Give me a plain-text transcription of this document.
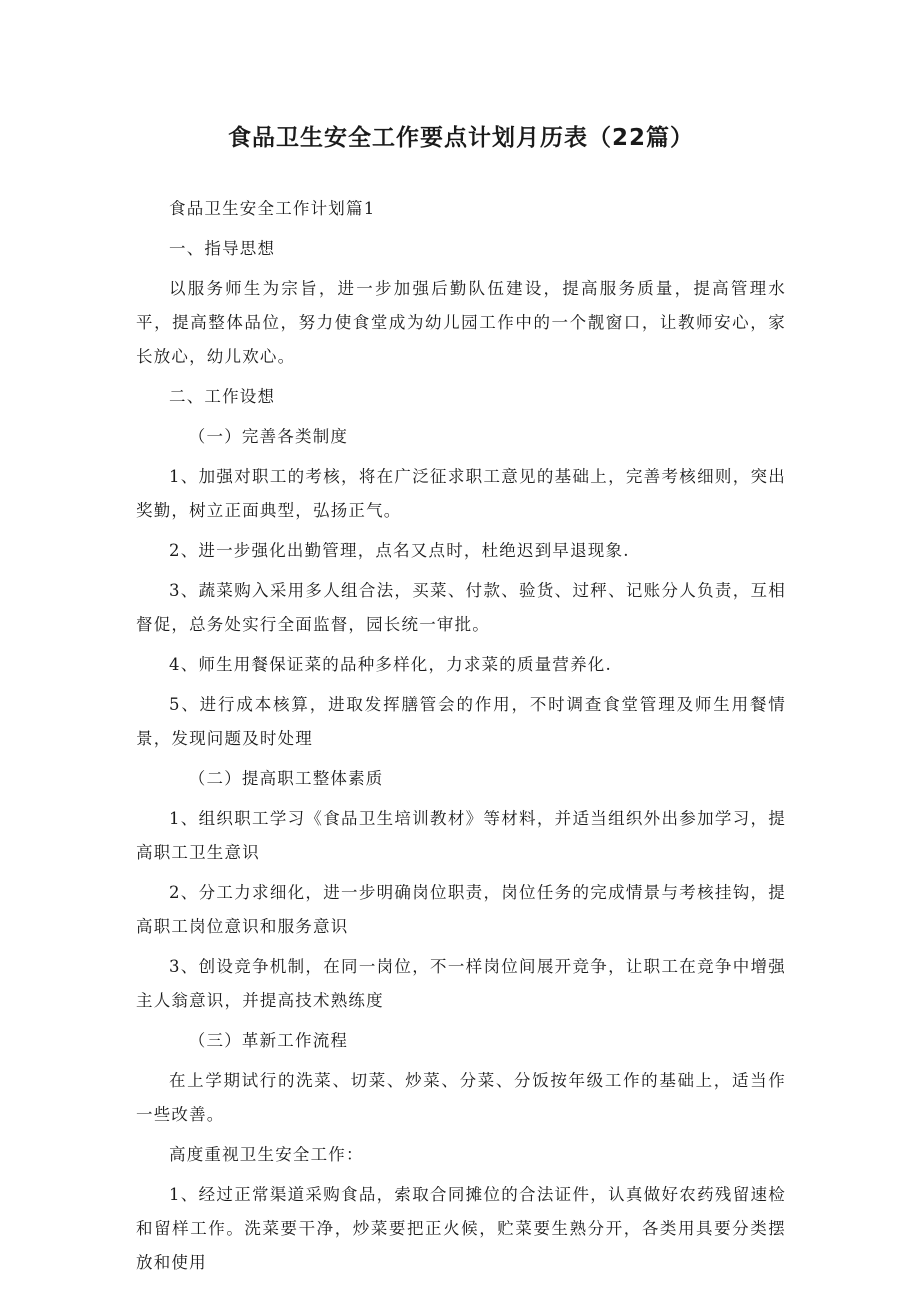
食品卫生安全工作要点计划月历表（22篇）

食品卫生安全工作计划篇1

一、指导思想

以服务师生为宗旨，进一步加强后勤队伍建设，提高服务质量，提高管理水平，提高整体品位，努力使食堂成为幼儿园工作中的一个靓窗口，让教师安心，家长放心，幼儿欢心。

二、工作设想

（一）完善各类制度

1、加强对职工的考核，将在广泛征求职工意见的基础上，完善考核细则，突出奖勤，树立正面典型，弘扬正气。

2、进一步强化出勤管理，点名又点时，杜绝迟到早退现象.

3、蔬菜购入采用多人组合法，买菜、付款、验货、过秤、记账分人负责，互相督促，总务处实行全面监督，园长统一审批。

4、师生用餐保证菜的品种多样化，力求菜的质量营养化.

5、进行成本核算，进取发挥膳管会的作用，不时调查食堂管理及师生用餐情景，发现问题及时处理

（二）提高职工整体素质

1、组织职工学习《食品卫生培训教材》等材料，并适当组织外出参加学习，提高职工卫生意识

2、分工力求细化，进一步明确岗位职责，岗位任务的完成情景与考核挂钩，提高职工岗位意识和服务意识

3、创设竞争机制，在同一岗位，不一样岗位间展开竞争，让职工在竞争中增强主人翁意识，并提高技术熟练度

（三）革新工作流程

在上学期试行的洗菜、切菜、炒菜、分菜、分饭按年级工作的基础上，适当作一些改善。

高度重视卫生安全工作：

1、经过正常渠道采购食品，索取合同摊位的合法证件，认真做好农药残留速检和留样工作。洗菜要干净，炒菜要把正火候，贮菜要生熟分开，各类用具要分类摆放和使用
